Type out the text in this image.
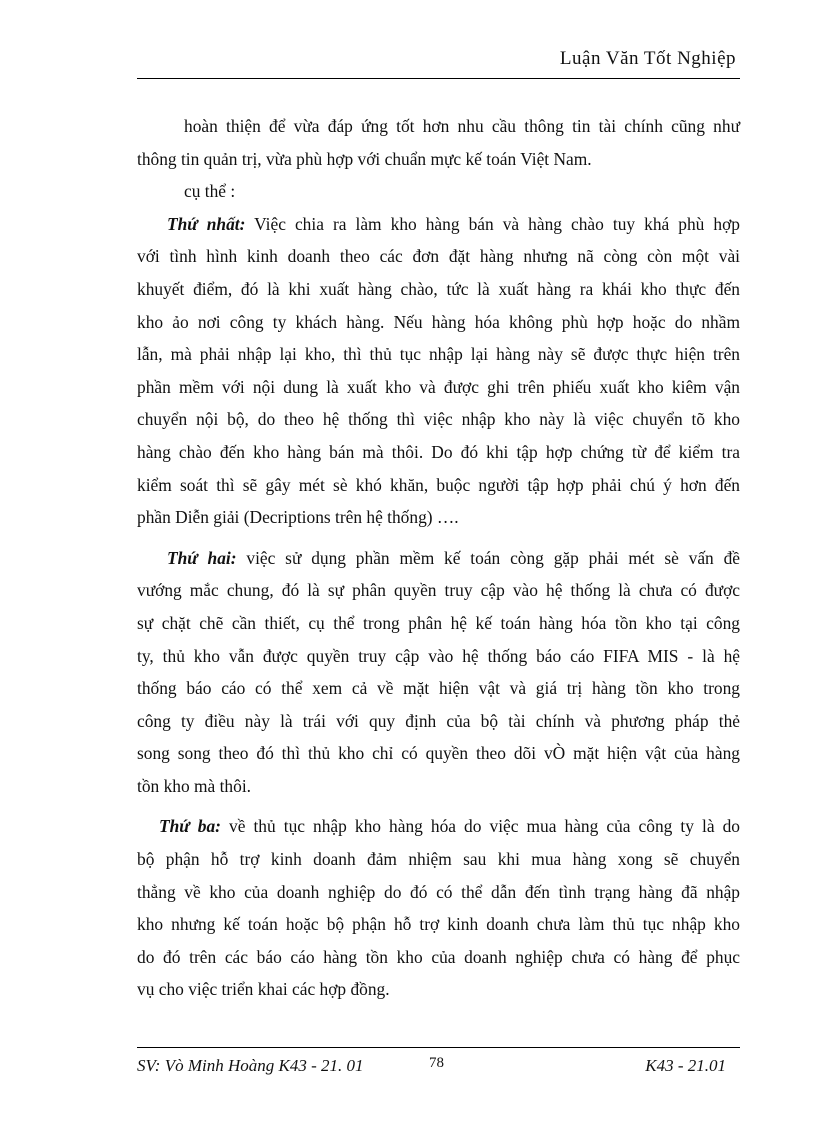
Luận Văn Tốt Nghiệp

hoàn thiện để vừa đáp ứng tốt hơn nhu cầu thông tin tài chính cũng như
thông tin quản trị, vừa phù hợp với chuẩn mực kế toán Việt Nam.

cụ thể :

Thứ nhất: Việc chia ra làm kho hàng bán và hàng chào tuy khá phù hợp
với tình hình kinh doanh theo các đơn đặt hàng nhưng nã còng còn một vài
khuyết điểm, đó là khi xuất hàng chào, tức là xuất hàng ra khái kho thực đến
kho ảo nơi công ty khách hàng. Nếu hàng hóa không phù hợp hoặc do nhầm
lẫn, mà phải nhập lại kho, thì thủ tục nhập lại hàng này sẽ được thực hiện trên
phần mềm với nội dung là xuất kho và được ghi trên phiếu xuất kho kiêm vận
chuyển nội bộ, do theo hệ thống thì việc nhập kho này là việc chuyển tõ kho
hàng chào đến kho hàng bán mà thôi. Do đó khi tập hợp chứng từ để kiểm tra
kiểm soát thì sẽ gây mét sè khó khăn, buộc người tập hợp phải chú ý hơn đến
phần Diễn giải (Decriptions trên hệ thống) ….

Thứ hai: việc sử dụng phần mềm kế toán còng gặp phải mét sè vấn đề
vướng mắc chung, đó là sự phân quyền truy cập vào hệ thống là chưa có được
sự chặt chẽ cần thiết, cụ thể trong phân hệ kế toán hàng hóa tồn kho tại công
ty, thủ kho vẫn được quyền truy cập vào hệ thống báo cáo FIFA MIS - là hệ
thống báo cáo có thể xem cả về mặt hiện vật và giá trị hàng tồn kho trong
công ty điều này là trái với quy định của bộ tài chính và phương pháp thẻ
song song theo đó thì thủ kho chỉ có quyền theo dõi vÒ mặt hiện vật của hàng
tồn kho mà thôi.

Thứ ba: về thủ tục nhập kho hàng hóa do việc mua hàng của công ty là do
bộ phận hỗ trợ kinh doanh đảm nhiệm sau khi mua hàng xong sẽ chuyển
thẳng về kho của doanh nghiệp do đó có thể dẫn đến tình trạng hàng đã nhập
kho nhưng kế toán hoặc bộ phận hỗ trợ kinh doanh chưa làm thủ tục nhập kho
do đó trên các báo cáo hàng tồn kho của doanh nghiệp chưa có hàng để phục
vụ cho việc triển khai các hợp đồng.

SV: Vò Minh Hoàng K43 - 21. 01	78	K43 - 21.01
